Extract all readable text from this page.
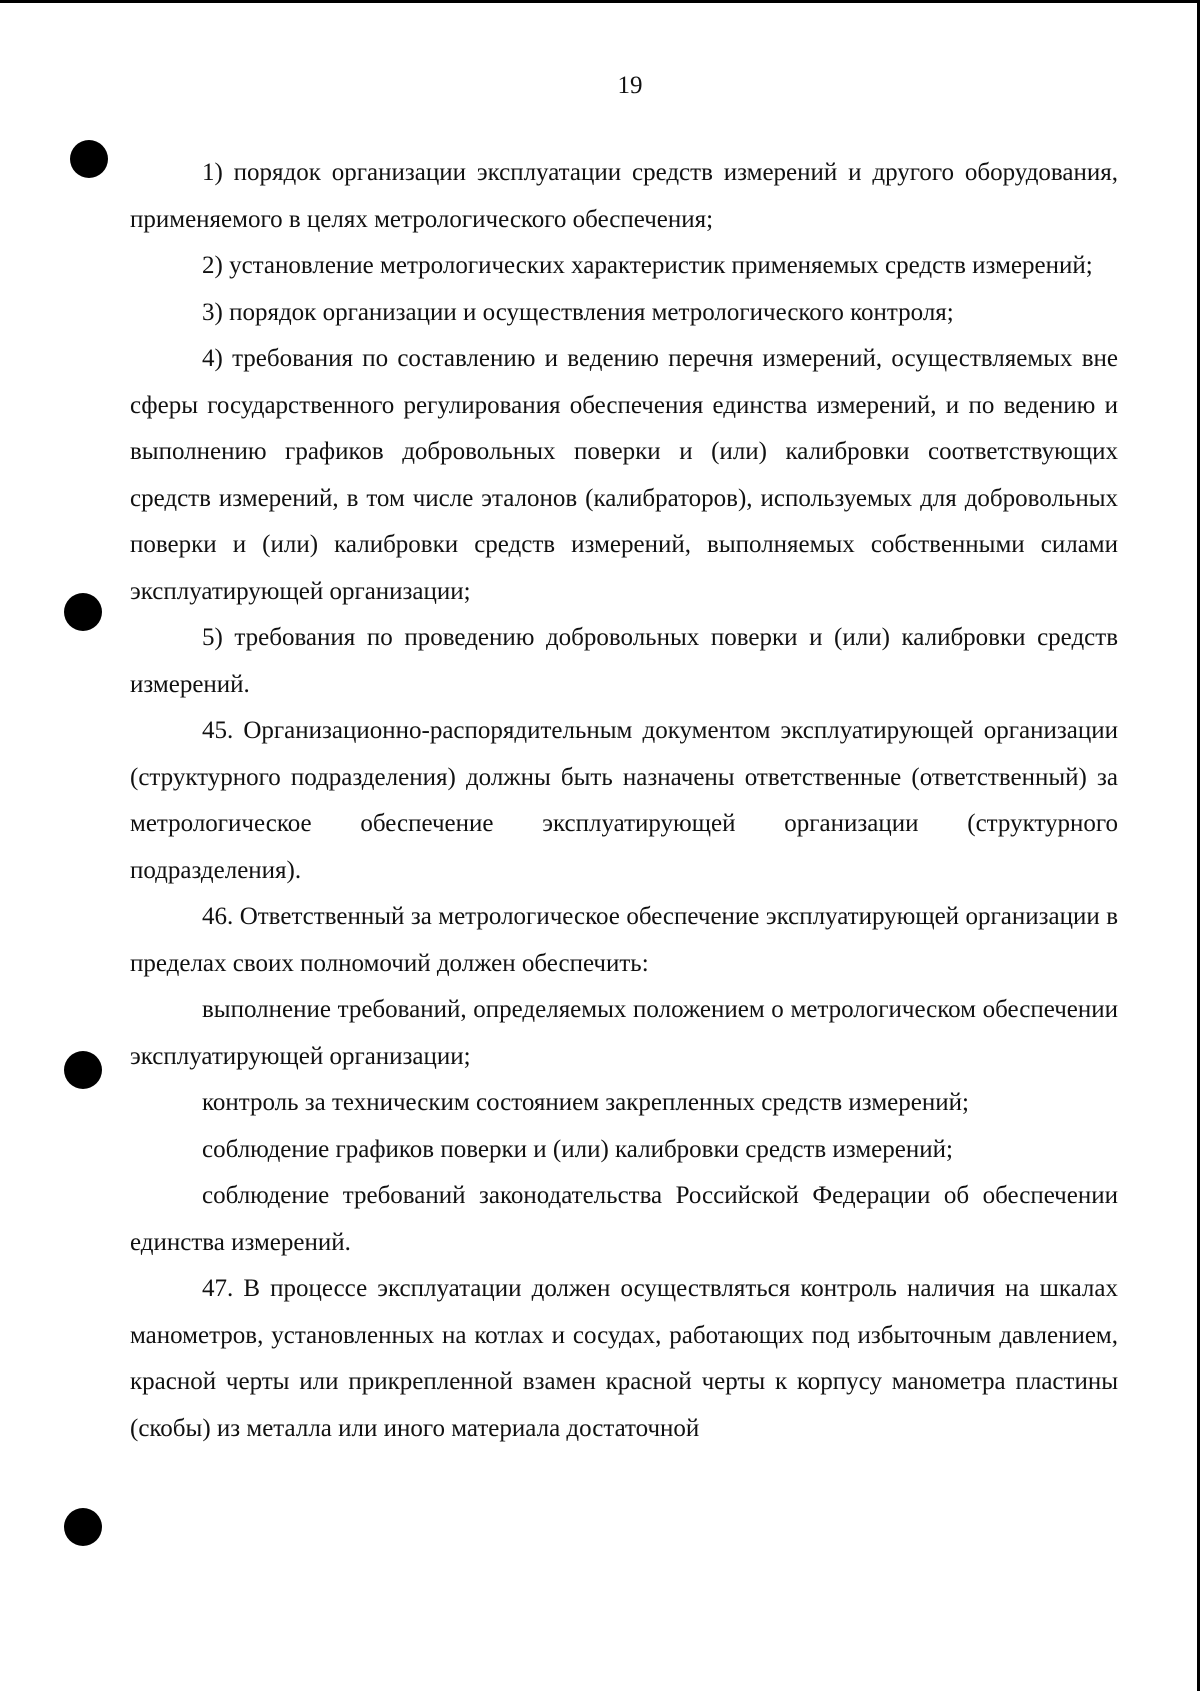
19

1) порядок организации эксплуатации средств измерений и другого оборудования, применяемого в целях метрологического обеспечения;

2) установление метрологических характеристик применяемых средств измерений;

3) порядок организации и осуществления метрологического контроля;

4) требования по составлению и ведению перечня измерений, осуществляемых вне сферы государственного регулирования обеспечения единства измерений, и по ведению и выполнению графиков добровольных поверки и (или) калибровки соответствующих средств измерений, в том числе эталонов (калибраторов), используемых для добровольных поверки и (или) калибровки средств измерений, выполняемых собственными силами эксплуатирующей организации;

5) требования по проведению добровольных поверки и (или) калибровки средств измерений.

45. Организационно-распорядительным документом эксплуатирующей организации (структурного подразделения) должны быть назначены ответственные (ответственный) за метрологическое обеспечение эксплуатирующей организации (структурного подразделения).

46. Ответственный за метрологическое обеспечение эксплуатирующей организации в пределах своих полномочий должен обеспечить:

выполнение требований, определяемых положением о метрологическом обеспечении эксплуатирующей организации;

контроль за техническим состоянием закрепленных средств измерений;

соблюдение графиков поверки и (или) калибровки средств измерений;

соблюдение требований законодательства Российской Федерации об обеспечении единства измерений.

47. В процессе эксплуатации должен осуществляться контроль наличия на шкалах манометров, установленных на котлах и сосудах, работающих под избыточным давлением, красной черты или прикрепленной взамен красной черты к корпусу манометра пластины (скобы) из металла или иного материала достаточной
